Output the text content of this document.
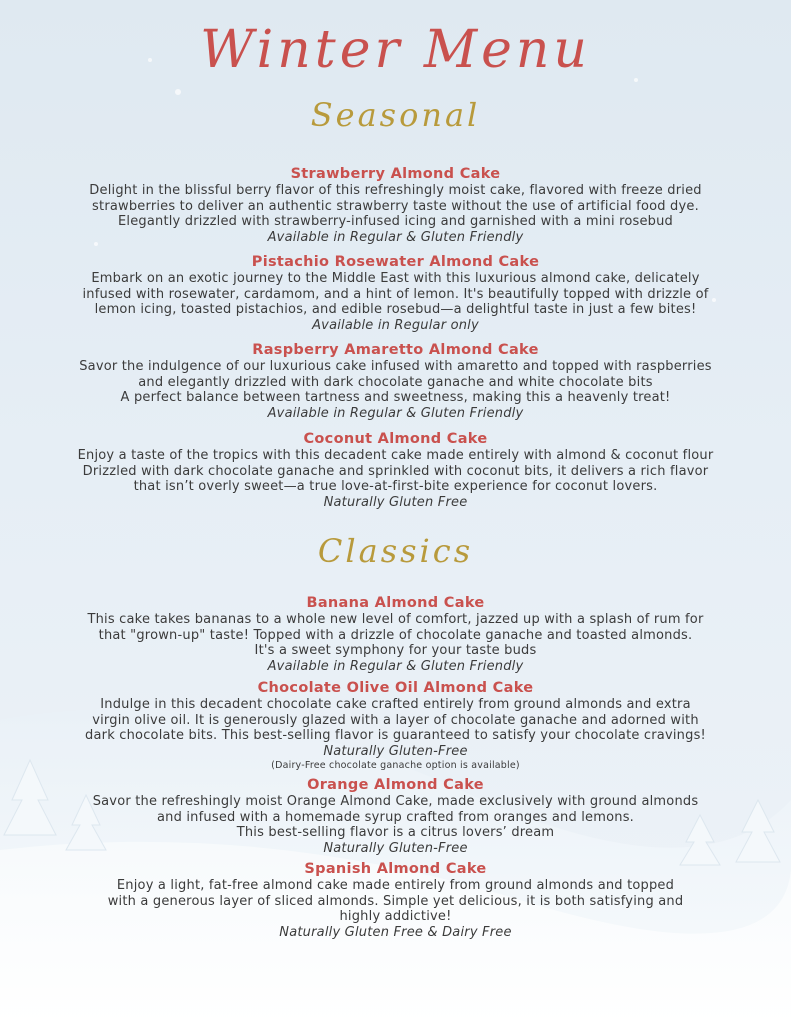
Winter Menu
Seasonal
Strawberry Almond Cake
Delight in the blissful berry flavor of this refreshingly moist cake, flavored with freeze dried
strawberries to deliver an authentic strawberry taste without the use of artificial food dye.
Elegantly drizzled with strawberry-infused icing and garnished with a mini rosebud
Available in Regular & Gluten Friendly
Pistachio Rosewater Almond Cake
Embark on an exotic journey to the Middle East with this luxurious almond cake, delicately
infused with rosewater, cardamom, and a hint of lemon. It's beautifully topped with drizzle of
lemon icing, toasted pistachios, and edible rosebud—a delightful taste in just a few bites!
Available in Regular only
Raspberry Amaretto Almond Cake
Savor the indulgence of our luxurious cake infused with amaretto and topped with raspberries
and elegantly drizzled with dark chocolate ganache and white chocolate bits
A perfect balance between tartness and sweetness, making this a heavenly treat!
Available in Regular & Gluten Friendly
Coconut Almond Cake
Enjoy a taste of the tropics with this decadent cake made entirely with almond & coconut flour
Drizzled with dark chocolate ganache and sprinkled with coconut bits, it delivers a rich flavor
that isn’t overly sweet—a true love-at-first-bite experience for coconut lovers.
Naturally Gluten Free
Classics
Banana Almond Cake
This cake takes bananas to a whole new level of comfort, jazzed up with a splash of rum for
that "grown-up" taste! Topped with a drizzle of chocolate ganache and toasted almonds.
It's a sweet symphony for your taste buds
Available in Regular & Gluten Friendly
Chocolate Olive Oil Almond Cake
Indulge in this decadent chocolate cake crafted entirely from ground almonds and extra
virgin olive oil. It is generously glazed with a layer of chocolate ganache and adorned with
dark chocolate bits. This best-selling flavor is guaranteed to satisfy your chocolate cravings!
Naturally Gluten-Free
(Dairy-Free chocolate ganache option is available)
Orange Almond Cake
Savor the refreshingly moist Orange Almond Cake, made exclusively with ground almonds
and infused with a homemade syrup crafted from oranges and lemons.
This best-selling flavor is a citrus lovers’ dream
Naturally Gluten-Free
Spanish Almond Cake
Enjoy a light, fat-free almond cake made entirely from ground almonds and topped
with a generous layer of sliced almonds. Simple yet delicious, it is both satisfying and
highly addictive!
Naturally Gluten Free & Dairy Free
